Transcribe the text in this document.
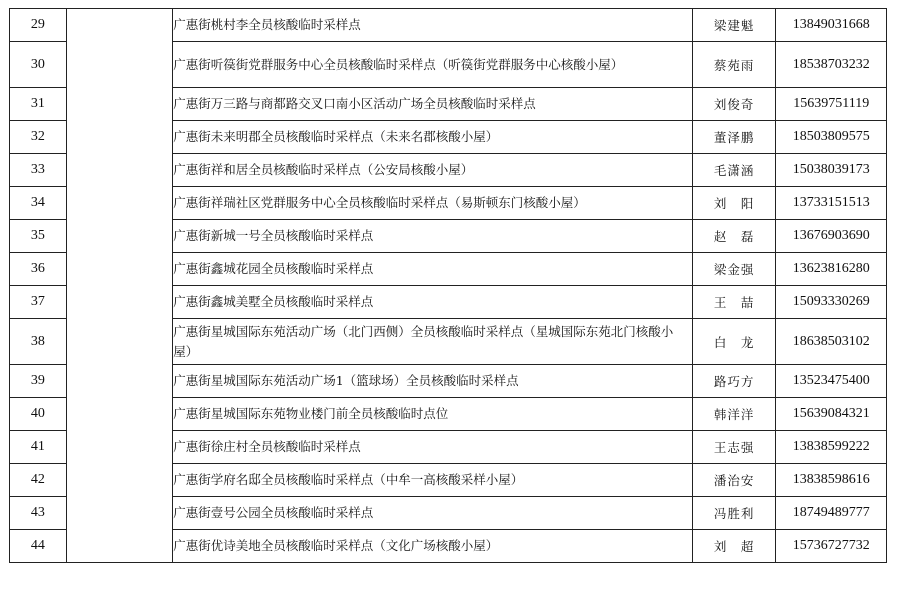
29		广惠街桃村李全员核酸临时采样点	梁建魁	13849031668
30		广惠街听篌街党群服务中心全员核酸临时采样点（听篌街党群服务中心核酸小屋）	蔡苑雨	18538703232
31		广惠街万三路与商都路交叉口南小区活动广场全员核酸临时采样点	刘俊奇	15639751119
32		广惠街未来明郡全员核酸临时采样点（未来名郡核酸小屋）	董泽鹏	18503809575
33		广惠街祥和居全员核酸临时采样点（公安局核酸小屋）	毛潇涵	15038039173
34		广惠街祥瑞社区党群服务中心全员核酸临时采样点（易斯顿东门核酸小屋）	刘　阳	13733151513
35		广惠街新城一号全员核酸临时采样点	赵　磊	13676903690
36		广惠街鑫城花园全员核酸临时采样点	梁金强	13623816280
37		广惠街鑫城美墅全员核酸临时采样点	王　喆	15093330269
38		广惠街星城国际东苑活动广场（北门西侧）全员核酸临时采样点（星城国际东苑北门核酸小屋）	白　龙	18638503102
39		广惠街星城国际东苑活动广场1（篮球场）全员核酸临时采样点	路巧方	13523475400
40		广惠街星城国际东苑物业楼门前全员核酸临时点位	韩洋洋	15639084321
41		广惠街徐庄村全员核酸临时采样点	王志强	13838599222
42		广惠街学府名邸全员核酸临时采样点（中牟一高核酸采样小屋）	潘治安	13838598616
43		广惠街壹号公园全员核酸临时采样点	冯胜利	18749489777
44		广惠街优诗美地全员核酸临时采样点（文化广场核酸小屋）	刘　超	15736727732
